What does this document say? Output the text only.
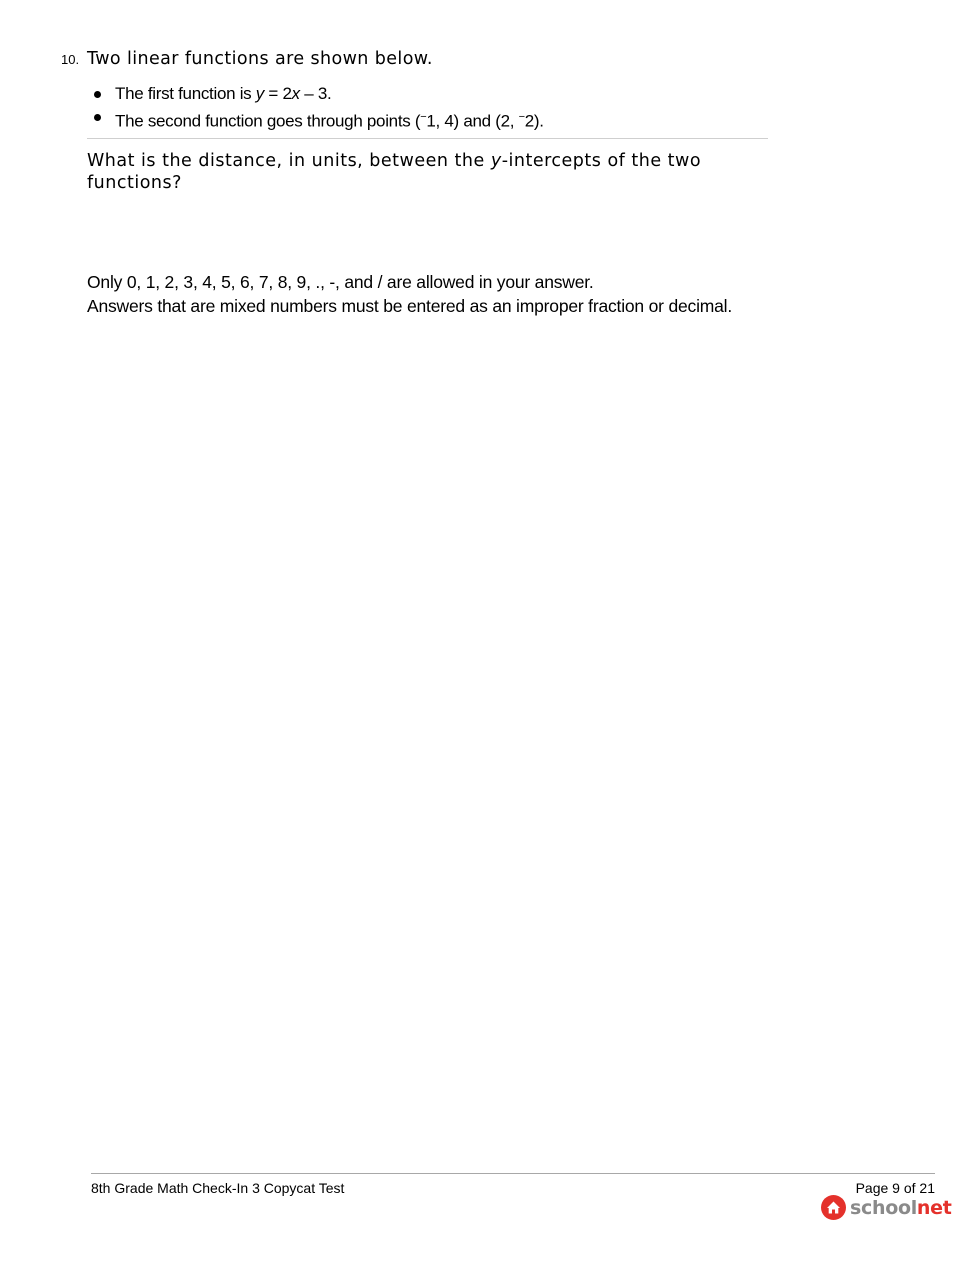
10. Two linear functions are shown below.
The first function is y = 2x – 3.
The second function goes through points (−1, 4) and (2, −2).
What is the distance, in units, between the y-intercepts of the two functions?
Only 0, 1, 2, 3, 4, 5, 6, 7, 8, 9, ., -, and / are allowed in your answer.
Answers that are mixed numbers must be entered as an improper fraction or decimal.
8th Grade Math Check-In 3 Copycat Test	Page 9 of 21
schoolnet
